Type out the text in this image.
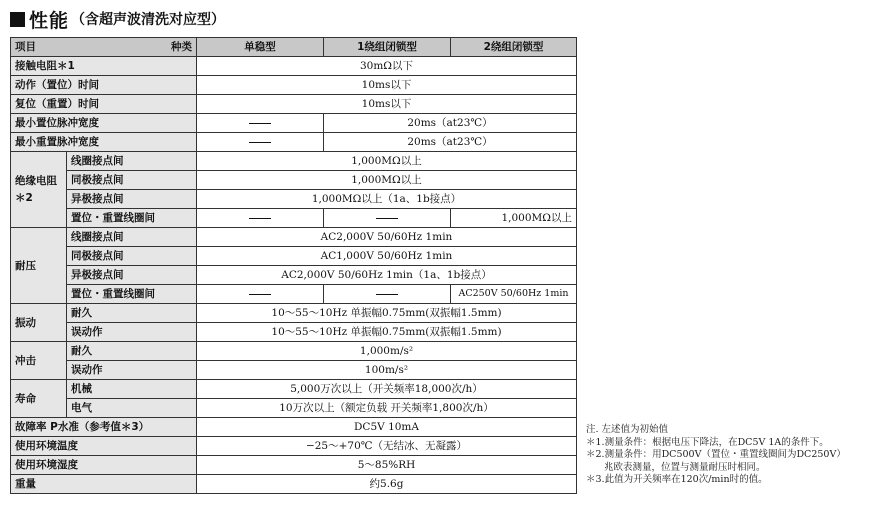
性能 （含超声波清洗对应型）
项目 种类		单稳型	1绕组闭锁型	2绕组闭锁型
接触电阻＊1		30mΩ以下		
动作（置位）时间		10ms以下		
复位（重置）时间		10ms以下		
最小置位脉冲宽度			20ms（at23℃）	
最小重置脉冲宽度			20ms（at23℃）	
绝缘电阻＊2	线圈接点间	1,000MΩ以上		
	同极接点间	1,000MΩ以上		
	异极接点间	1,000MΩ以上（1a、1b接点）		
	置位・重置线圈间			1,000MΩ以上
耐压	线圈接点间	AC2,000V 50/60Hz 1min		
	同极接点间	AC1,000V 50/60Hz 1min		
	异极接点间	AC2,000V 50/60Hz 1min（1a、1b接点）		
	置位・重置线圈间			AC250V 50/60Hz 1min
振动	耐久	10～55～10Hz 单振幅0.75mm(双振幅1.5mm)		
	误动作	10～55～10Hz 单振幅0.75mm(双振幅1.5mm)		
冲击	耐久	1,000m/s²		
	误动作	100m/s²		
寿命	机械	5,000万次以上（开关频率18,000次/h）		
	电气	10万次以上（额定负载 开关频率1,800次/h）		
故障率 P水准（参考值＊3）		DC5V 10mA		
使用环境温度		−25～+70℃（无结冰、无凝露）		
使用环境湿度		5～85%RH		
重量		约5.6g		
注. 左述值为初始值
＊1.测量条件：根据电压下降法，在DC5V 1A的条件下。
＊2.测量条件：用DC500V（置位・重置线圈间为DC250V）
兆欧表测量，位置与测量耐压时相同。
＊3.此值为开关频率在120次/min时的值。
